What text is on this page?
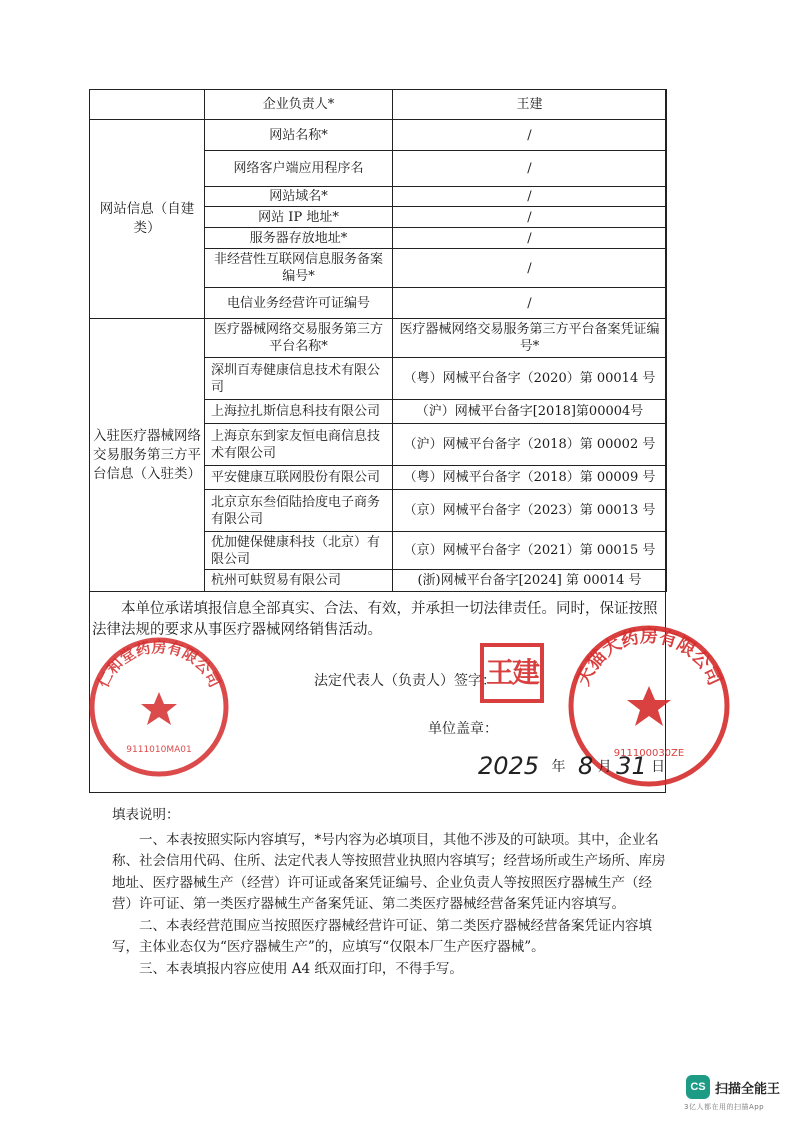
	企业负责人*	王建
网站信息（自建类）	网站名称*	/
	网络客户端应用程序名	/
	网站域名*	/
	网站 IP 地址*	/
	服务器存放地址*	/
	非经营性互联网信息服务备案编号*	/
	电信业务经营许可证编号	/
入驻医疗器械网络交易服务第三方平台信息（入驻类）	医疗器械网络交易服务第三方平台名称*	医疗器械网络交易服务第三方平台备案凭证编号*
	深圳百寿健康信息技术有限公司	（粤）网械平台备字（2020）第 00014 号
	上海拉扎斯信息科技有限公司	（沪）网械平台备字[2018]第00004号
	上海京东到家友恒电商信息技术有限公司	（沪）网械平台备字（2018）第 00002 号
	平安健康互联网股份有限公司	（粤）网械平台备字（2018）第 00009 号
	北京京东叁佰陆拾度电子商务有限公司	（京）网械平台备字（2023）第 00013 号
	优加健保健康科技（北京）有限公司	（京）网械平台备字（2021）第 00015 号
	杭州可蚨贸易有限公司	(浙)网械平台备字[2024] 第 00014 号
本单位承诺填报信息全部真实、合法、有效，并承担一切法律责任。同时，保证按照法律法规的要求从事医疗器械网络销售活动。
仁和堂药房有限公司
9111010MA01
天猫大药房有限公司
911100030ZE
法定代表人（负责人）签字：
王建
单位盖章：
2025 年 8 月 31 日

填表说明：

一、本表按照实际内容填写，*号内容为必填项目，其他不涉及的可缺项。其中，企业名称、社会信用代码、住所、法定代表人等按照营业执照内容填写；经营场所或生产场所、库房地址、医疗器械生产（经营）许可证或备案凭证编号、企业负责人等按照医疗器械生产（经营）许可证、第一类医疗器械生产备案凭证、第二类医疗器械经营备案凭证内容填写。

二、本表经营范围应当按照医疗器械经营许可证、第二类医疗器械经营备案凭证内容填写，主体业态仅为“医疗器械生产”的，应填写“仅限本厂生产医疗器械”。

三、本表填报内容应使用 A4 纸双面打印，不得手写。

CS 扫描全能王
3亿人都在用的扫描App
